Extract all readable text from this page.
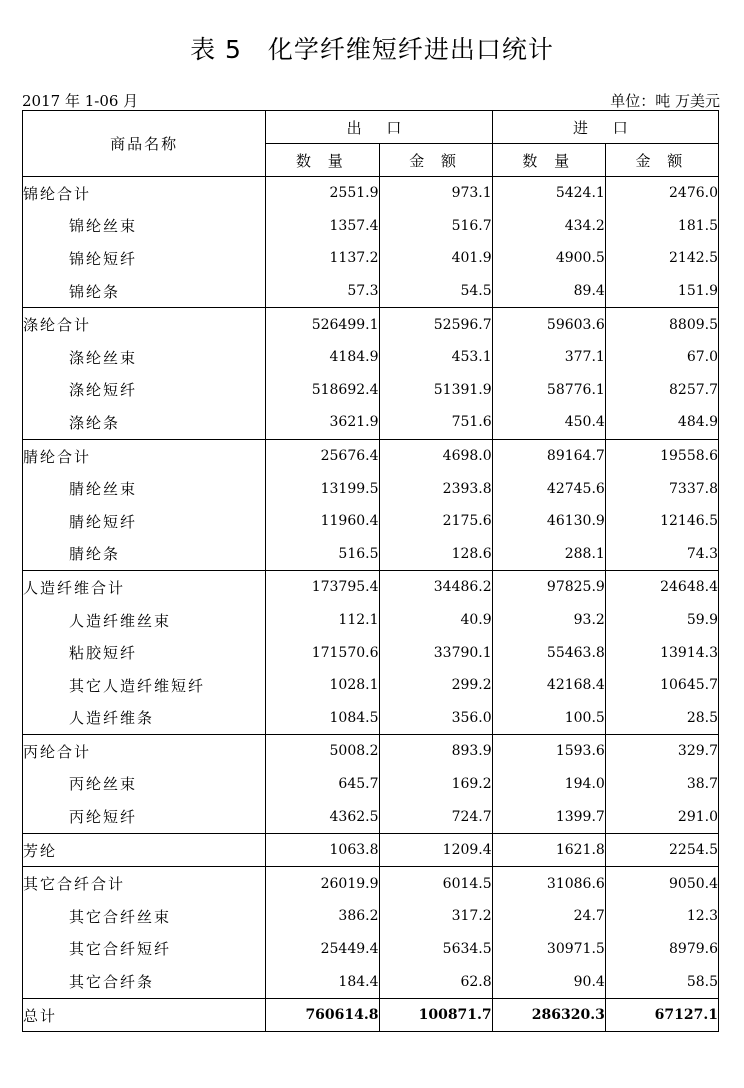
表 5　化学纤维短纤进出口统计
2017 年 1-06 月	单位：吨 万美元
商品名称	出 口		进 口	
	数 量	金 额	数 量	金 额
锦纶合计	2551.9	973.1	5424.1	2476.0
锦纶丝束	1357.4	516.7	434.2	181.5
锦纶短纤	1137.2	401.9	4900.5	2142.5
锦纶条	57.3	54.5	89.4	151.9
涤纶合计	526499.1	52596.7	59603.6	8809.5
涤纶丝束	4184.9	453.1	377.1	67.0
涤纶短纤	518692.4	51391.9	58776.1	8257.7
涤纶条	3621.9	751.6	450.4	484.9
腈纶合计	25676.4	4698.0	89164.7	19558.6
腈纶丝束	13199.5	2393.8	42745.6	7337.8
腈纶短纤	11960.4	2175.6	46130.9	12146.5
腈纶条	516.5	128.6	288.1	74.3
人造纤维合计	173795.4	34486.2	97825.9	24648.4
人造纤维丝束	112.1	40.9	93.2	59.9
粘胶短纤	171570.6	33790.1	55463.8	13914.3
其它人造纤维短纤	1028.1	299.2	42168.4	10645.7
人造纤维条	1084.5	356.0	100.5	28.5
丙纶合计	5008.2	893.9	1593.6	329.7
丙纶丝束	645.7	169.2	194.0	38.7
丙纶短纤	4362.5	724.7	1399.7	291.0
芳纶	1063.8	1209.4	1621.8	2254.5
其它合纤合计	26019.9	6014.5	31086.6	9050.4
其它合纤丝束	386.2	317.2	24.7	12.3
其它合纤短纤	25449.4	5634.5	30971.5	8979.6
其它合纤条	184.4	62.8	90.4	58.5
总计	760614.8	100871.7	286320.3	67127.1
